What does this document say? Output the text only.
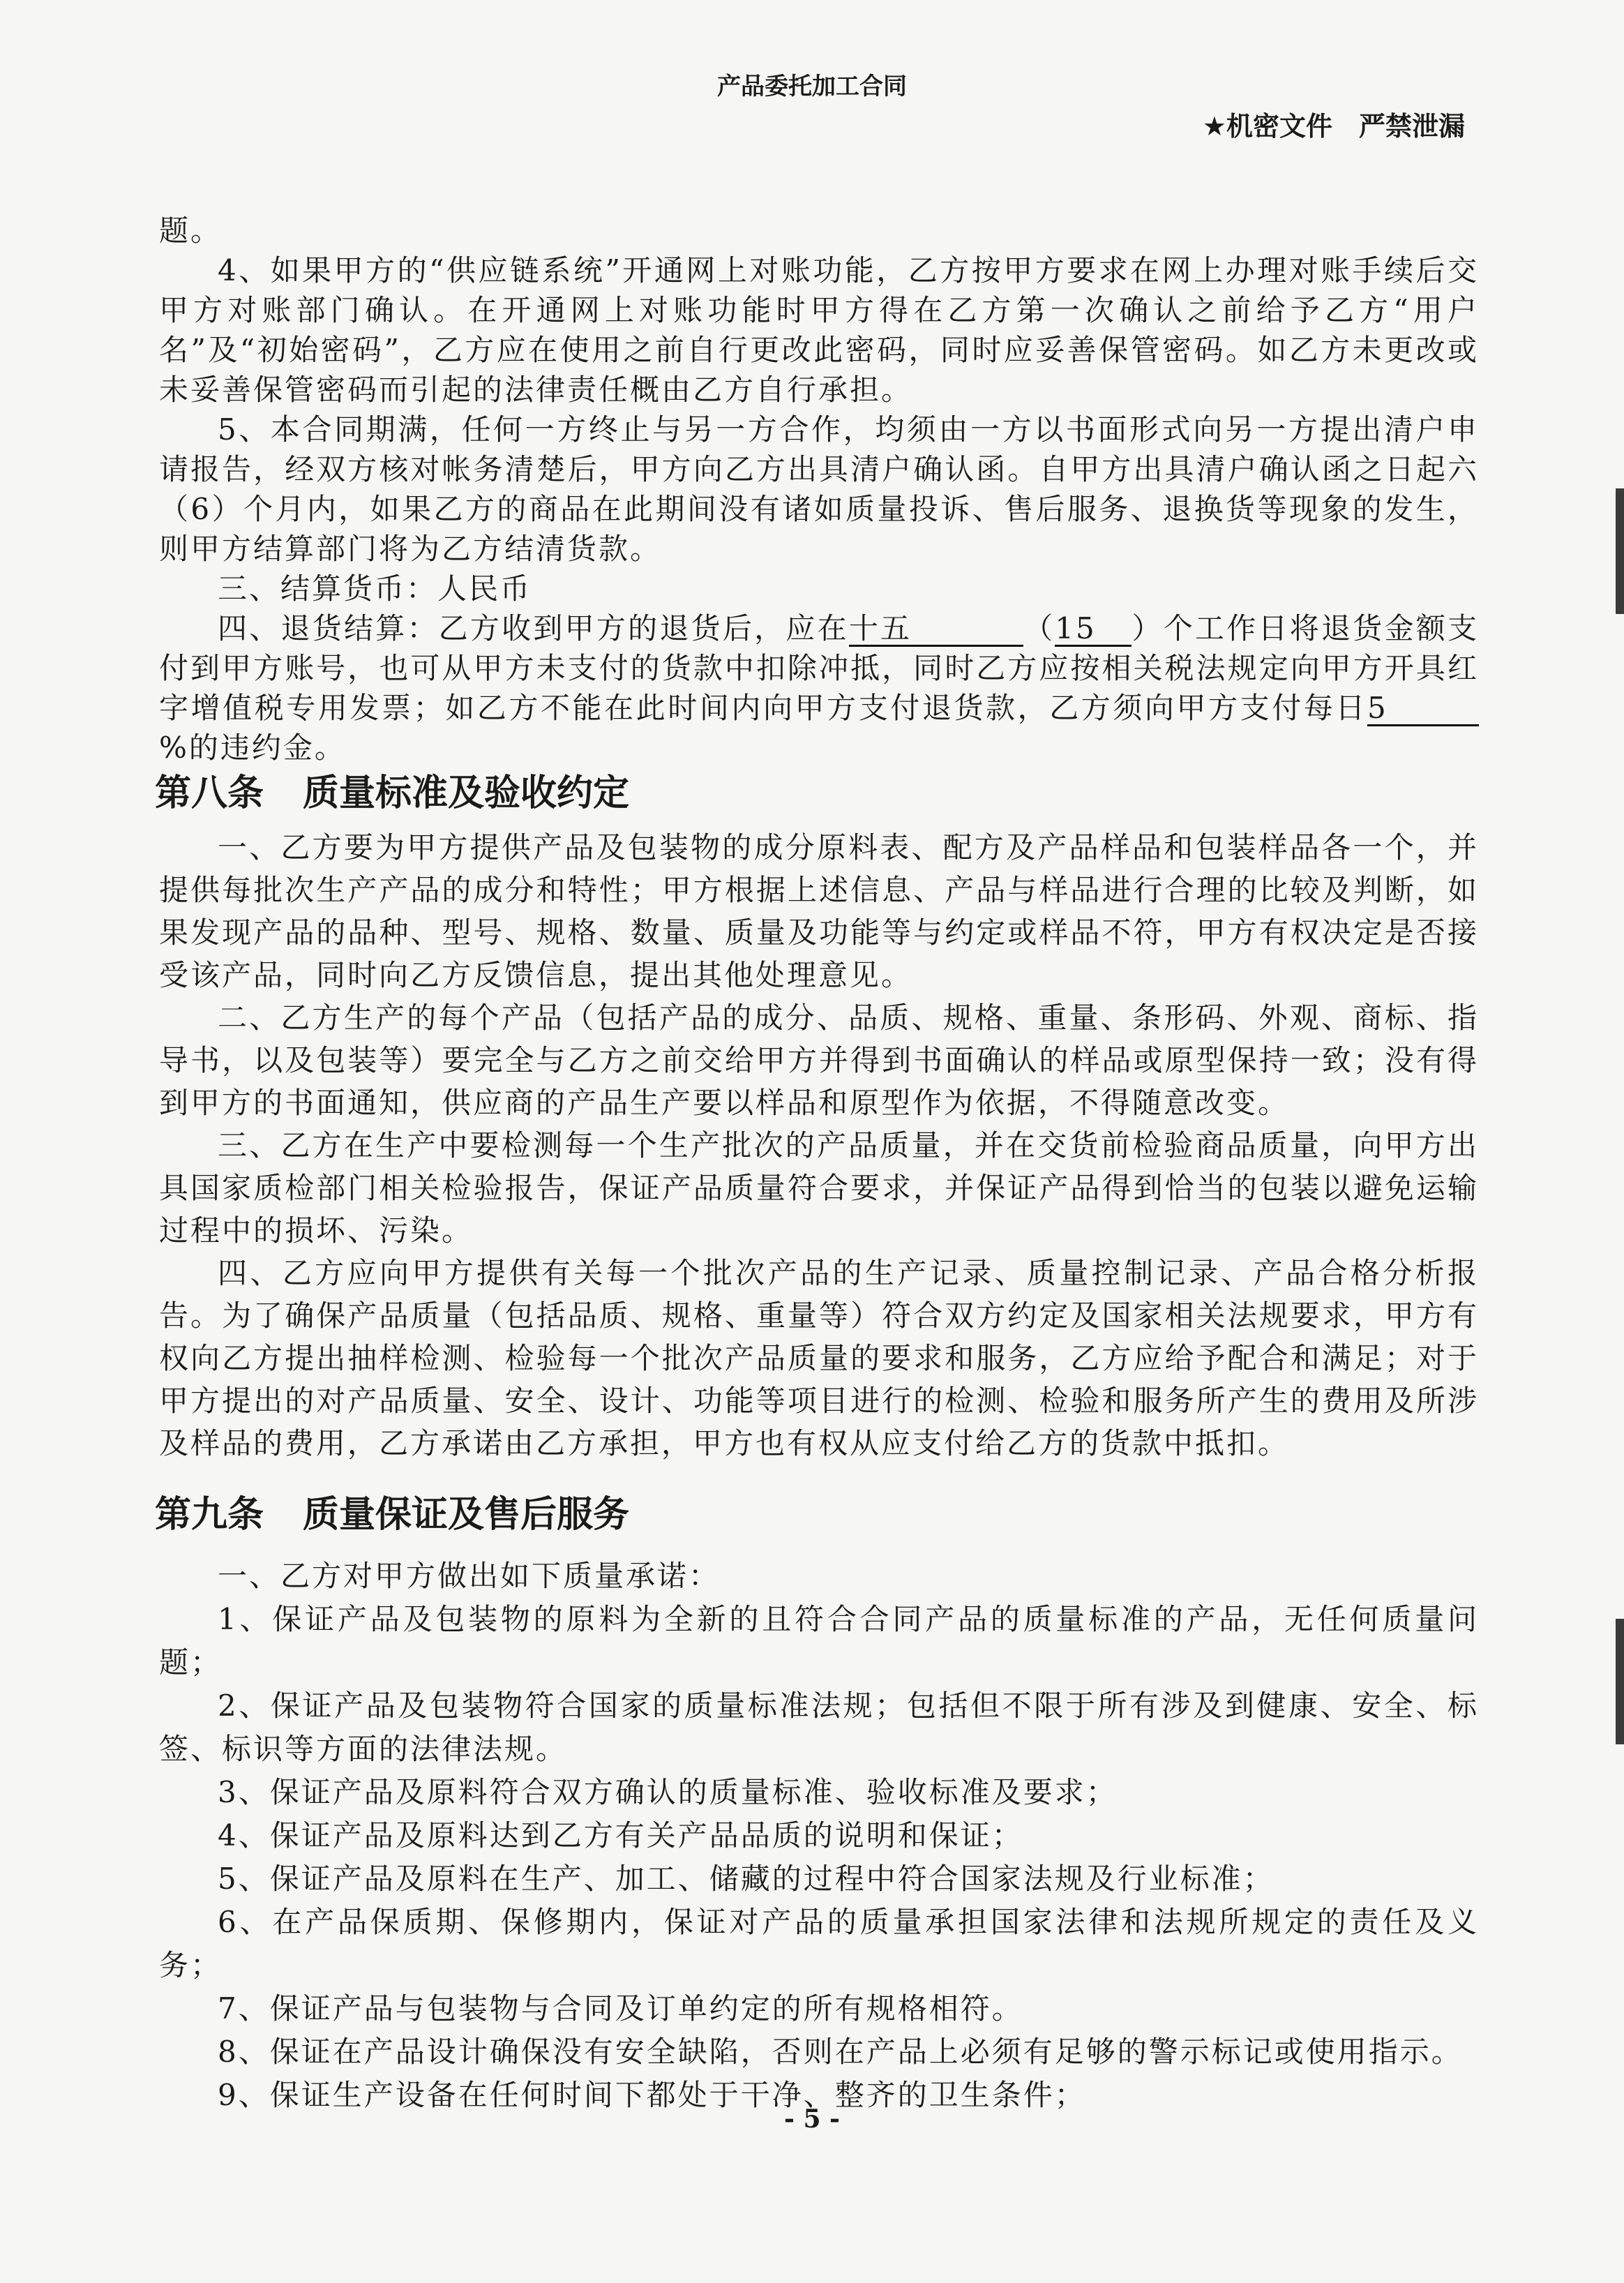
产品委托加工合同
★机密文件　严禁泄漏

题。

4、如果甲方的“供应链系统”开通网上对账功能，乙方按甲方要求在网上办理对账手续后交甲方对账部门确认。在开通网上对账功能时甲方得在乙方第一次确认之前给予乙方“用户名”及“初始密码”，乙方应在使用之前自行更改此密码，同时应妥善保管密码。如乙方未更改或未妥善保管密码而引起的法律责任概由乙方自行承担。

5、本合同期满，任何一方终止与另一方合作，均须由一方以书面形式向另一方提出清户申请报告，经双方核对帐务清楚后，甲方向乙方出具清户确认函。自甲方出具清户确认函之日起六（6）个月内，如果乙方的商品在此期间没有诸如质量投诉、售后服务、退换货等现象的发生，则甲方结算部门将为乙方结清货款。

三、结算货币：人民币

四、退货结算：乙方收到甲方的退货后，应在十五	（15 ）个工作日将退货金额支付到甲方账号，也可从甲方未支付的货款中扣除冲抵，同时乙方应按相关税法规定向甲方开具红字增值税专用发票；如乙方不能在此时间内向甲方支付退货款，乙方须向甲方支付每日5%的违约金。

第八条 质量标准及验收约定

一、乙方要为甲方提供产品及包装物的成分原料表、配方及产品样品和包装样品各一个，并提供每批次生产产品的成分和特性；甲方根据上述信息、产品与样品进行合理的比较及判断，如果发现产品的品种、型号、规格、数量、质量及功能等与约定或样品不符，甲方有权决定是否接受该产品，同时向乙方反馈信息，提出其他处理意见。

二、乙方生产的每个产品（包括产品的成分、品质、规格、重量、条形码、外观、商标、指导书，以及包装等）要完全与乙方之前交给甲方并得到书面确认的样品或原型保持一致；没有得到甲方的书面通知，供应商的产品生产要以样品和原型作为依据，不得随意改变。

三、乙方在生产中要检测每一个生产批次的产品质量，并在交货前检验商品质量，向甲方出具国家质检部门相关检验报告，保证产品质量符合要求，并保证产品得到恰当的包装以避免运输过程中的损坏、污染。

四、乙方应向甲方提供有关每一个批次产品的生产记录、质量控制记录、产品合格分析报告。为了确保产品质量（包括品质、规格、重量等）符合双方约定及国家相关法规要求，甲方有权向乙方提出抽样检测、检验每一个批次产品质量的要求和服务，乙方应给予配合和满足；对于甲方提出的对产品质量、安全、设计、功能等项目进行的检测、检验和服务所产生的费用及所涉及样品的费用，乙方承诺由乙方承担，甲方也有权从应支付给乙方的货款中抵扣。

第九条 质量保证及售后服务

一、乙方对甲方做出如下质量承诺：

1、保证产品及包装物的原料为全新的且符合合同产品的质量标准的产品，无任何质量问题；

2、保证产品及包装物符合国家的质量标准法规；包括但不限于所有涉及到健康、安全、标签、标识等方面的法律法规。

3、保证产品及原料符合双方确认的质量标准、验收标准及要求；

4、保证产品及原料达到乙方有关产品品质的说明和保证；

5、保证产品及原料在生产、加工、储藏的过程中符合国家法规及行业标准；

6、在产品保质期、保修期内，保证对产品的质量承担国家法律和法规所规定的责任及义务；

7、保证产品与包装物与合同及订单约定的所有规格相符。

8、保证在产品设计确保没有安全缺陷，否则在产品上必须有足够的警示标记或使用指示。

9、保证生产设备在任何时间下都处于干净、整齐的卫生条件；

- 5 -
